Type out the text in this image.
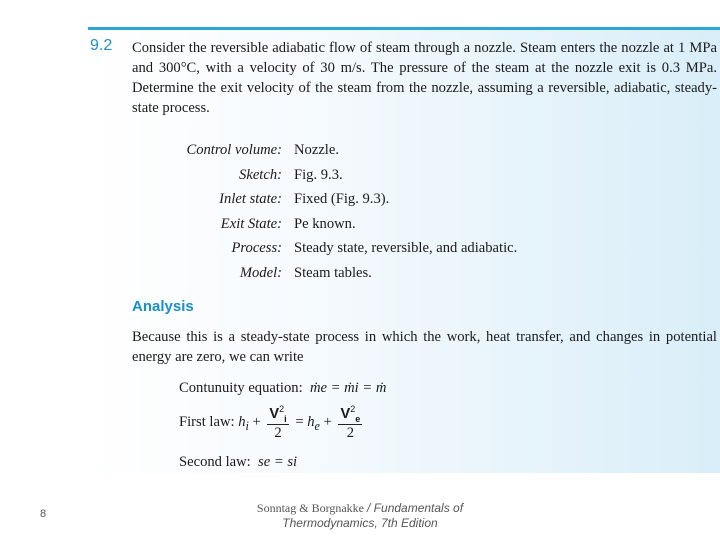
9.2 Consider the reversible adiabatic flow of steam through a nozzle. Steam enters the nozzle at 1 MPa and 300°C, with a velocity of 30 m/s. The pressure of the steam at the nozzle exit is 0.3 MPa. Determine the exit velocity of the steam from the nozzle, assuming a reversible, adiabatic, steady-state process.
Control volume:
Sketch:
Inlet state:
Exit State:
Process:
Model:
Nozzle.
Fig. 9.3.
Fixed (Fig. 9.3).
Pe known.
Steady state, reversible, and adiabatic.
Steam tables.
Analysis
Because this is a steady-state process in which the work, heat transfer, and changes in potential energy are zero, we can write
Contunuity equation: ṁe = ṁi = ṁ
First law: $h_i + \frac{V^2_i}{2} = h_e + \frac{V^2_e}{2}$
Second law: se = si
8	Sonntag & Borgnakke / Fundamentals of Thermodynamics, 7th Edition
